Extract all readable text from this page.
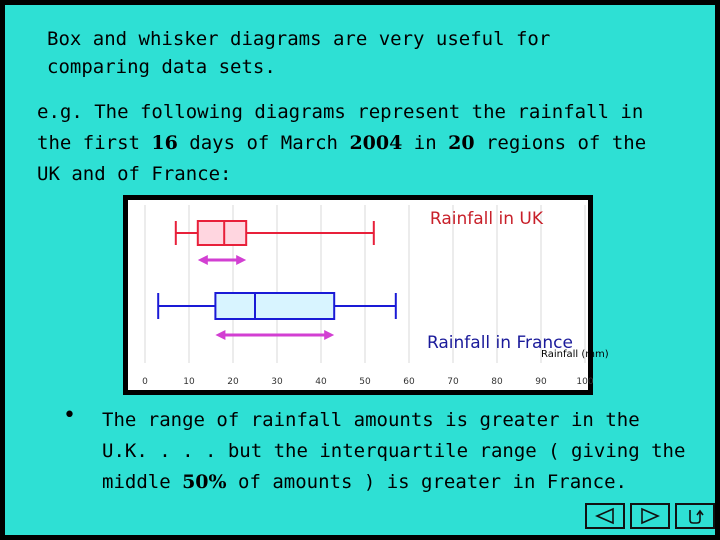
Box and whisker diagrams are very useful for
comparing data sets.
e.g. The following diagrams represent the rainfall in
the first 16 days of March 2004 in 20 regions of the
UK and of France:
0	10	20	30	40	50	60	70	80	90	100
Rainfall (mm)
Rainfall in UK
Rainfall in France
• The range of rainfall amounts is greater in the
U.K. . . . but the interquartile range ( giving the
middle 50% of amounts ) is greater in France.
